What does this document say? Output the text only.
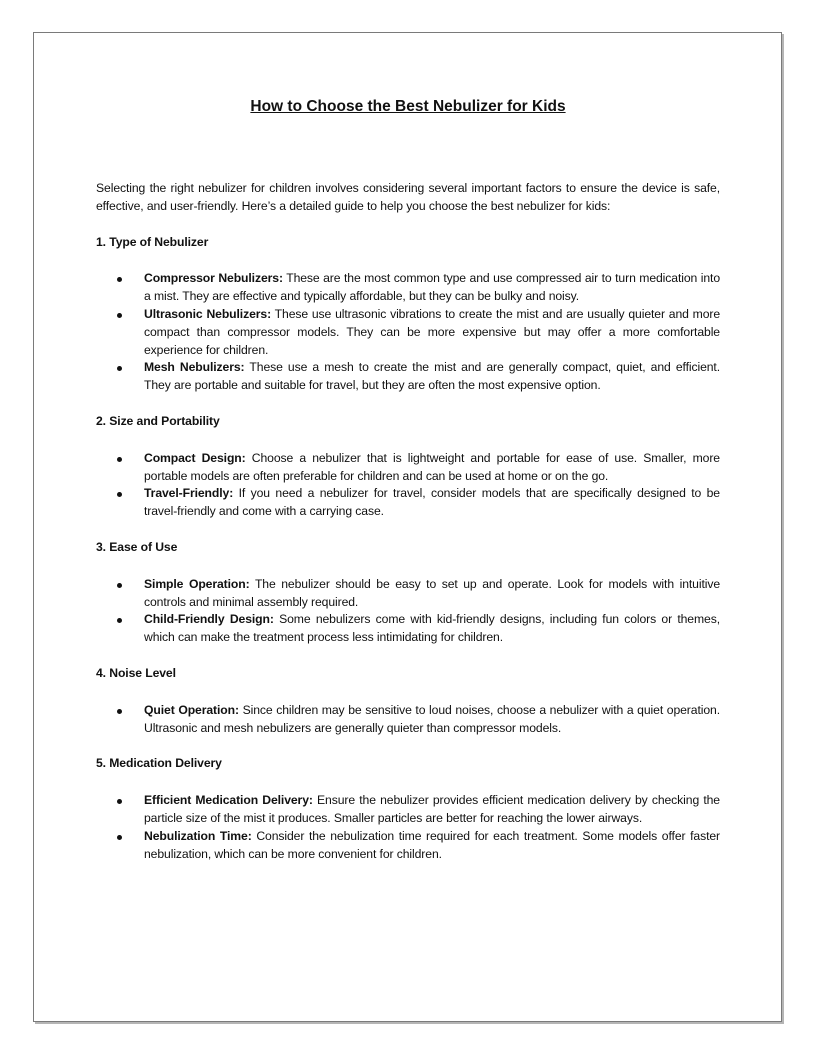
How to Choose the Best Nebulizer for Kids

Selecting the right nebulizer for children involves considering several important factors to ensure the device is safe, effective, and user-friendly. Here’s a detailed guide to help you choose the best nebulizer for kids:

1. Type of Nebulizer

Compressor Nebulizers: These are the most common type and use compressed air to turn medication into a mist. They are effective and typically affordable, but they can be bulky and noisy.
Ultrasonic Nebulizers: These use ultrasonic vibrations to create the mist and are usually quieter and more compact than compressor models. They can be more expensive but may offer a more comfortable experience for children.
Mesh Nebulizers: These use a mesh to create the mist and are generally compact, quiet, and efficient. They are portable and suitable for travel, but they are often the most expensive option.

2. Size and Portability

Compact Design: Choose a nebulizer that is lightweight and portable for ease of use. Smaller, more portable models are often preferable for children and can be used at home or on the go.
Travel-Friendly: If you need a nebulizer for travel, consider models that are specifically designed to be travel-friendly and come with a carrying case.

3. Ease of Use

Simple Operation: The nebulizer should be easy to set up and operate. Look for models with intuitive controls and minimal assembly required.
Child-Friendly Design: Some nebulizers come with kid-friendly designs, including fun colors or themes, which can make the treatment process less intimidating for children.

4. Noise Level

Quiet Operation: Since children may be sensitive to loud noises, choose a nebulizer with a quiet operation. Ultrasonic and mesh nebulizers are generally quieter than compressor models.

5. Medication Delivery

Efficient Medication Delivery: Ensure the nebulizer provides efficient medication delivery by checking the particle size of the mist it produces. Smaller particles are better for reaching the lower airways.
Nebulization Time: Consider the nebulization time required for each treatment. Some models offer faster nebulization, which can be more convenient for children.
